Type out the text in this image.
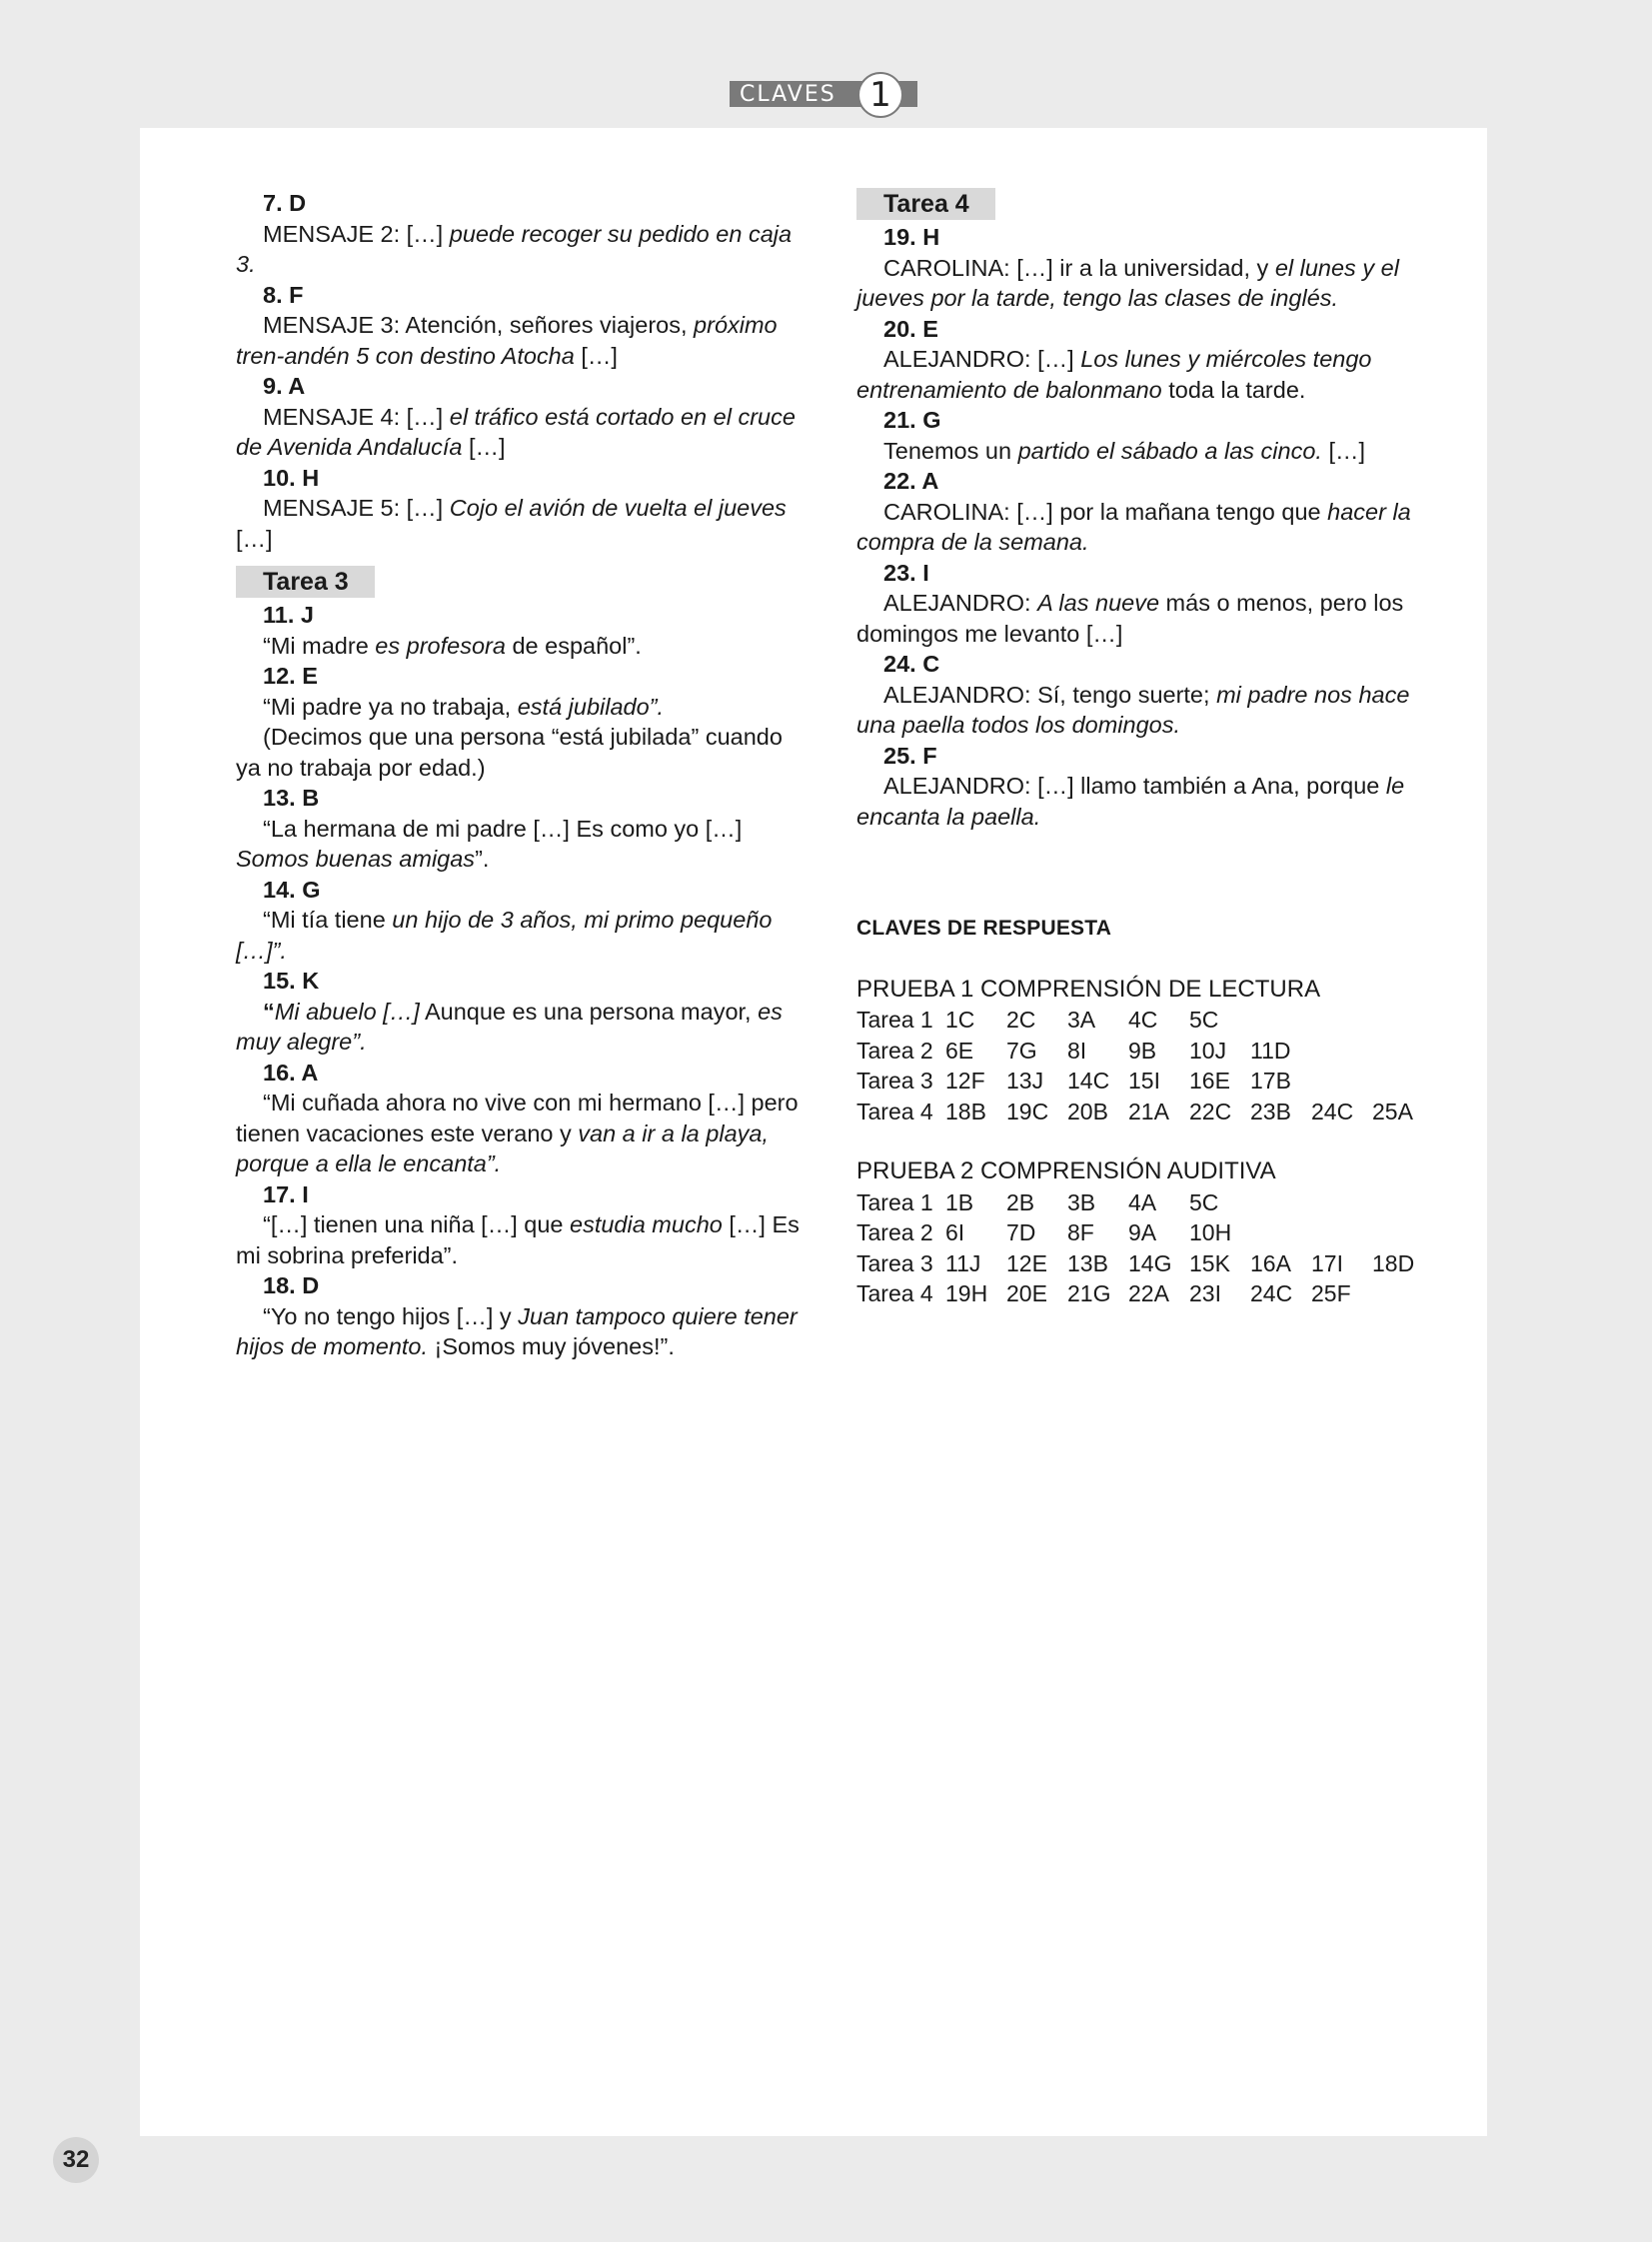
CLAVES 1
7. D
MENSAJE 2: […] puede recoger su pedido en caja 3.
8. F
MENSAJE 3: Atención, señores viajeros, próximo tren-andén 5 con destino Atocha […]
9. A
MENSAJE 4: […] el tráfico está cortado en el cruce de Avenida Andalucía […]
10. H
MENSAJE 5: […] Cojo el avión de vuelta el jueves […]
Tarea 3
11. J
“Mi madre es profesora de español”.
12. E
“Mi padre ya no trabaja, está jubilado”.
(Decimos que una persona “está jubilada” cuando ya no trabaja por edad.)
13. B
“La hermana de mi padre […] Es como yo […] Somos buenas amigas”.
14. G
“Mi tía tiene un hijo de 3 años, mi primo pequeño […]”.
15. K
“Mi abuelo […] Aunque es una persona mayor, es muy alegre”.
16. A
“Mi cuñada ahora no vive con mi hermano […] pero tienen vacaciones este verano y van a ir a la playa, porque a ella le encanta”.
17. I
“[…] tienen una niña […] que estudia mucho […] Es mi sobrina preferida”.
18. D
“Yo no tengo hijos […] y Juan tampoco quiere tener hijos de momento. ¡Somos muy jóvenes!”.
Tarea 4
19. H
CAROLINA: […] ir a la universidad, y el lunes y el jueves por la tarde, tengo las clases de inglés.
20. E
ALEJANDRO: […] Los lunes y miércoles tengo entrenamiento de balonmano toda la tarde.
21. G
Tenemos un partido el sábado a las cinco. […]
22. A
CAROLINA: […] por la mañana tengo que hacer la compra de la semana.
23. I
ALEJANDRO: A las nueve más o menos, pero los domingos me levanto […]
24. C
ALEJANDRO: Sí, tengo suerte; mi padre nos hace una paella todos los domingos.
25. F
ALEJANDRO: […] llamo también a Ana, porque le encanta la paella.
CLAVES DE RESPUESTA
PRUEBA 1 COMPRENSIÓN DE LECTURA
Tarea 1	1C	2C	3A	4C	5C			
Tarea 2	6E	7G	8I	9B	10J	11D		
Tarea 3	12F	13J	14C	15I	16E	17B		
Tarea 4	18B	19C	20B	21A	22C	23B	24C	25A
PRUEBA 2 COMPRENSIÓN AUDITIVA
Tarea 1	1B	2B	3B	4A	5C			
Tarea 2	6I	7D	8F	9A	10H			
Tarea 3	11J	12E	13B	14G	15K	16A	17I	18D
Tarea 4	19H	20E	21G	22A	23I	24C	25F	
32
